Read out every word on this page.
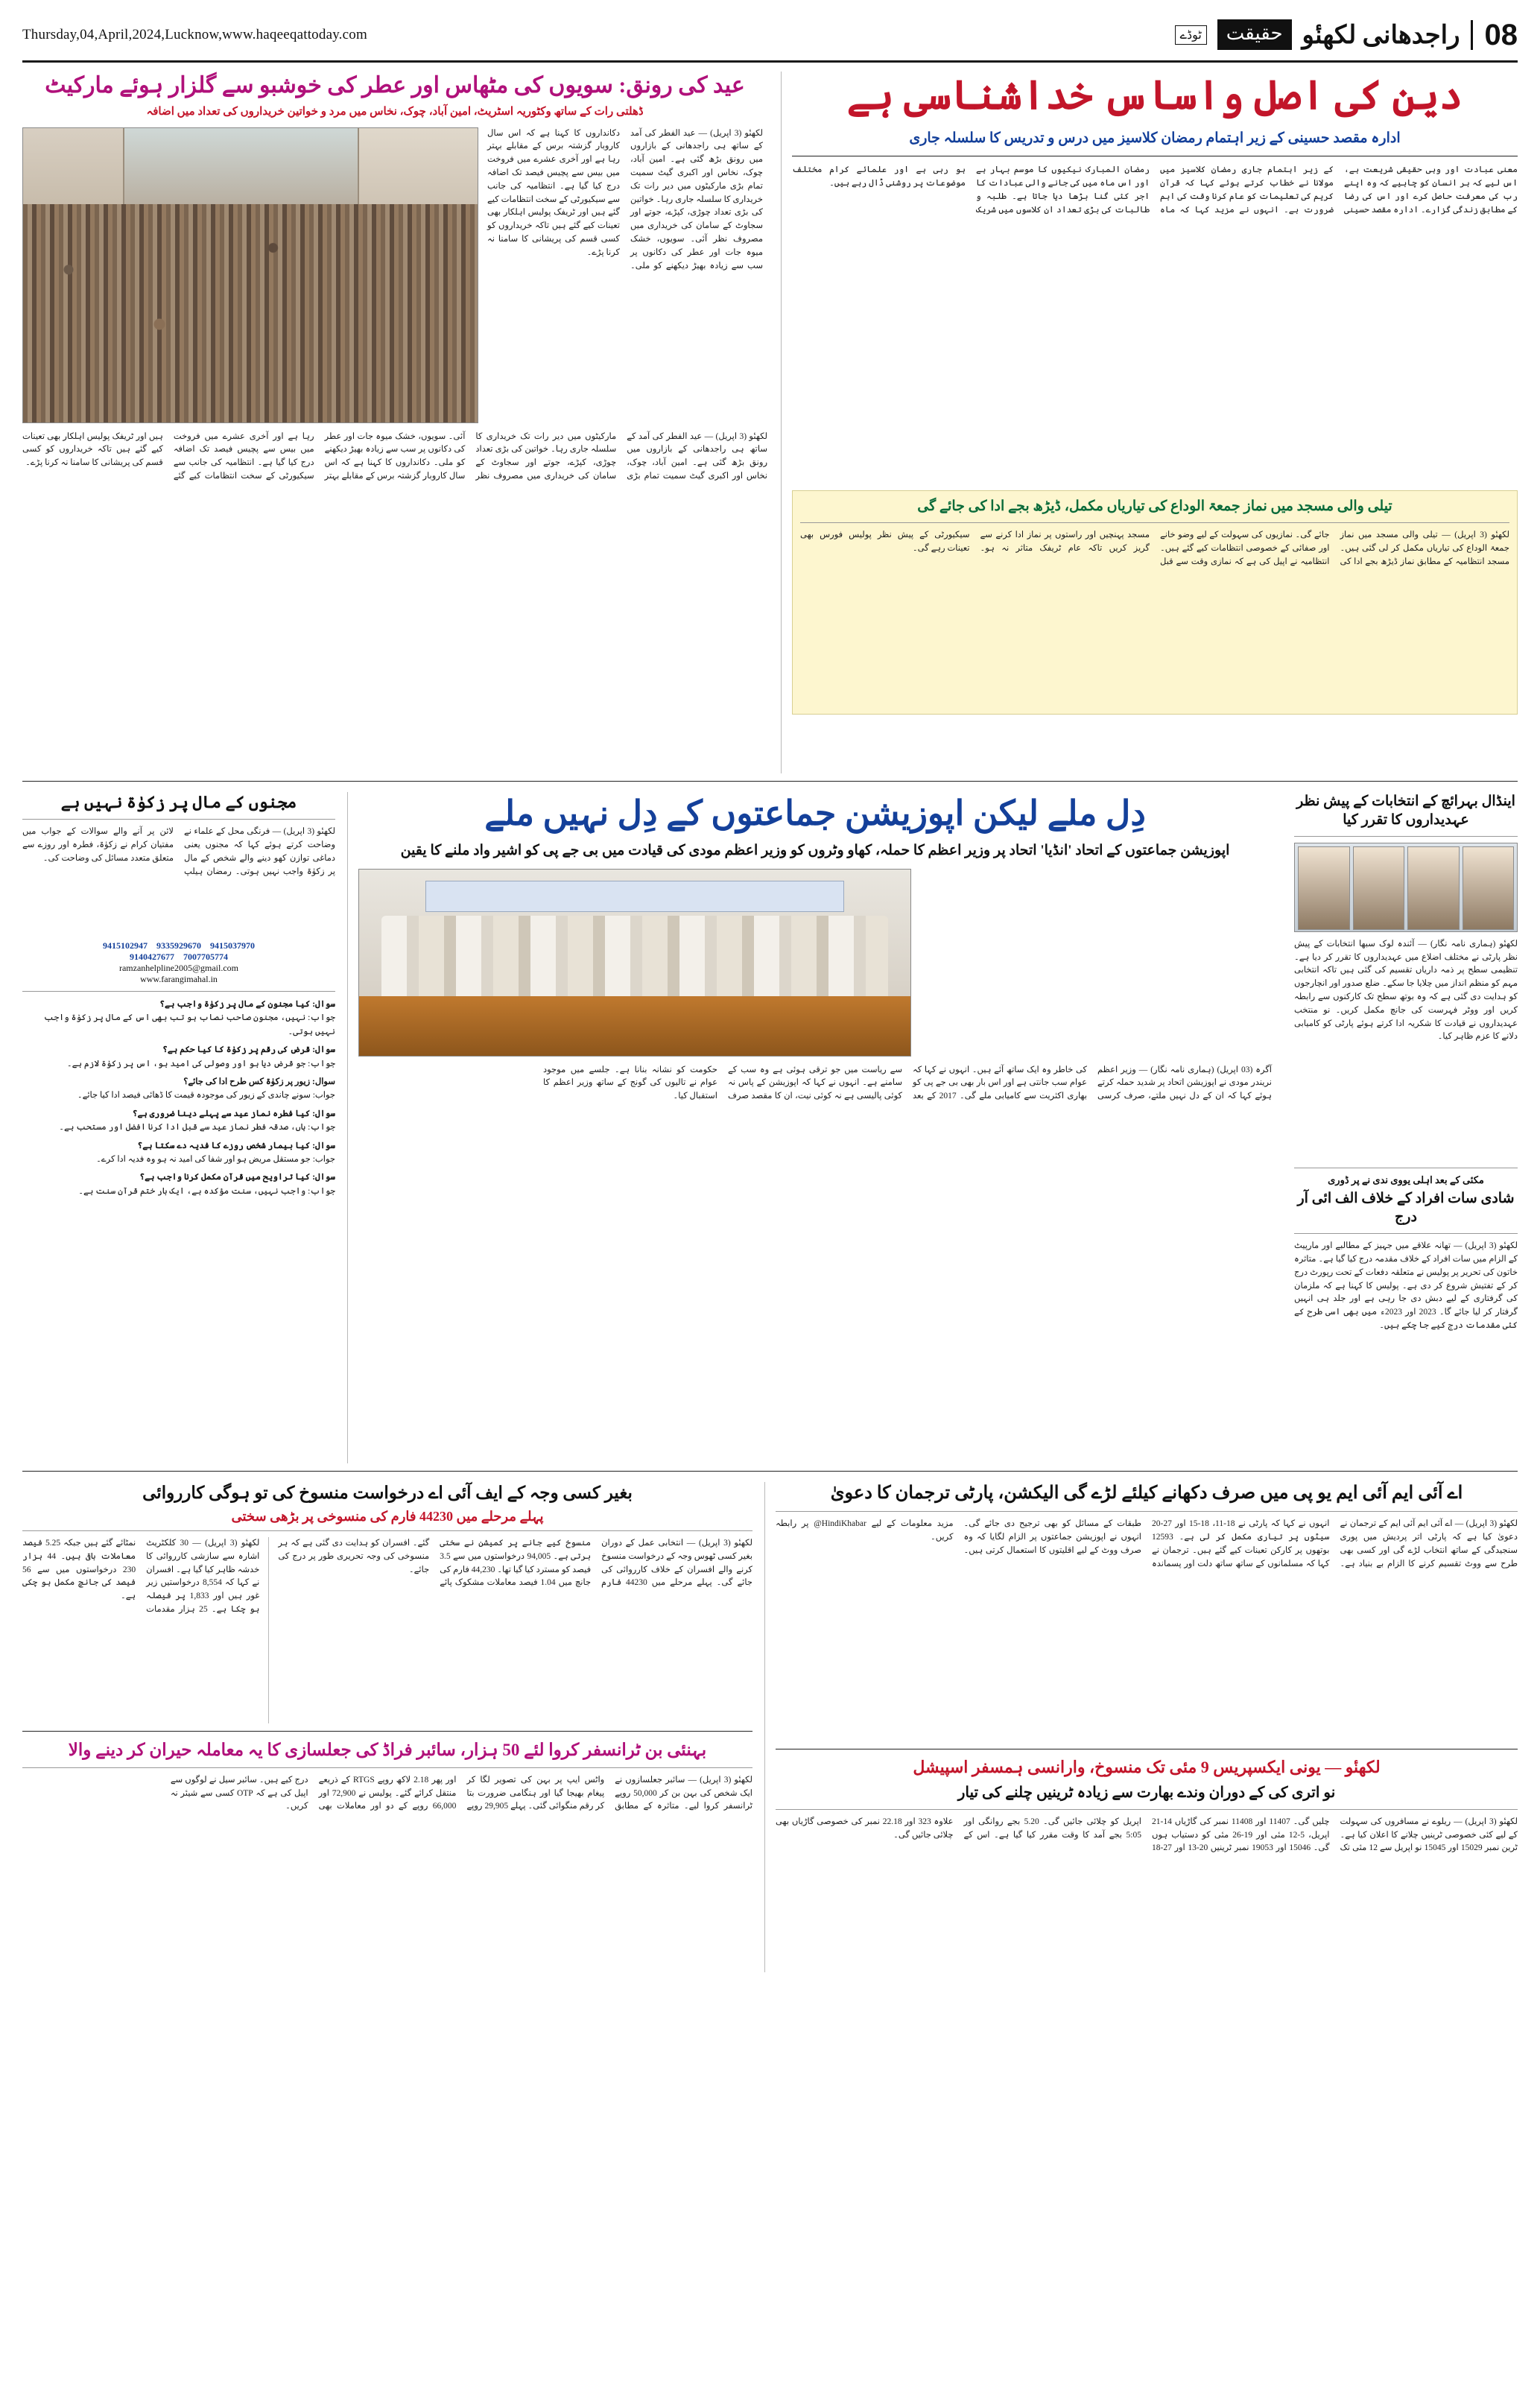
Thursday,04,April,2024,Lucknow,www.haqeeqattoday.com	ٹوڈے	حقیقت راجدھانی لکھنٔو 08
عید کی رونق: سویوں کی مٹھاس اور عطر کی خوشبو سے گلزار ہوئے مارکیٹ
ڈھلتی رات کے ساتھ وکٹوریہ اسٹریٹ، امین آباد، چوک، نخاس میں مرد و خواتین خریداروں کی تعداد میں اضافہ
لکھنٔو (3 اپریل) — عید الفطر کی آمد کے ساتھ ہی راجدھانی کے بازاروں میں رونق بڑھ گئی ہے۔ امین آباد، چوک، نخاس اور اکبری گیٹ سمیت تمام بڑی مارکیٹوں میں دیر رات تک خریداری کا سلسلہ جاری رہا۔ خواتین کی بڑی تعداد چوڑی، کپڑے، جوتے اور سجاوٹ کے سامان کی خریداری میں مصروف نظر آئی۔ سویوں، خشک میوہ جات اور عطر کی دکانوں پر سب سے زیادہ بھیڑ دیکھنے کو ملی۔ دکانداروں کا کہنا ہے کہ اس سال کاروبار گزشتہ برس کے مقابلے بہتر رہا ہے اور آخری عشرے میں فروخت میں بیس سے پچیس فیصد تک اضافہ درج کیا گیا ہے۔ انتظامیہ کی جانب سے سیکیورٹی کے سخت انتظامات کیے گئے ہیں اور ٹریفک پولیس اہلکار بھی تعینات کیے گئے ہیں تاکہ خریداروں کو کسی قسم کی پریشانی کا سامنا نہ کرنا پڑے۔
لکھنٔو (3 اپریل) — عید الفطر کی آمد کے ساتھ ہی راجدھانی کے بازاروں میں رونق بڑھ گئی ہے۔ امین آباد، چوک، نخاس اور اکبری گیٹ سمیت تمام بڑی مارکیٹوں میں دیر رات تک خریداری کا سلسلہ جاری رہا۔ خواتین کی بڑی تعداد چوڑی، کپڑے، جوتے اور سجاوٹ کے سامان کی خریداری میں مصروف نظر آئی۔ سویوں، خشک میوہ جات اور عطر کی دکانوں پر سب سے زیادہ بھیڑ دیکھنے کو ملی۔ دکانداروں کا کہنا ہے کہ اس سال کاروبار گزشتہ برس کے مقابلے بہتر رہا ہے اور آخری عشرے میں فروخت میں بیس سے پچیس فیصد تک اضافہ درج کیا گیا ہے۔ انتظامیہ کی جانب سے سیکیورٹی کے سخت انتظامات کیے گئے ہیں اور ٹریفک پولیس اہلکار بھی تعینات کیے گئے ہیں تاکہ خریداروں کو کسی قسم کی پریشانی کا سامنا نہ کرنا پڑے۔
دین کی اصل واساس خداشناسی ہے
ادارہ مقصد حسینی کے زیر اہتمام رمضان کلاسیز میں درس و تدریس کا سلسلہ جاری
معنی عبادت اور وہی حقیقی شریعت ہے، اس لیے کہ ہر انسان کو چاہیے کہ وہ اپنے رب کی معرفت حاصل کرے اور اس کی رضا کے مطابق زندگی گزارے۔ ادارہ مقصد حسینی کے زیر اہتمام جاری رمضان کلاسیز میں مولانا نے خطاب کرتے ہوئے کہا کہ قرآن کریم کی تعلیمات کو عام کرنا وقت کی اہم ضرورت ہے۔ انہوں نے مزید کہا کہ ماہ رمضان المبارک نیکیوں کا موسم بہار ہے اور اس ماہ میں کی جانے والی عبادات کا اجر کئی گنا بڑھا دیا جاتا ہے۔ طلبہ و طالبات کی بڑی تعداد ان کلاسوں میں شریک ہو رہی ہے اور علمائے کرام مختلف موضوعات پر روشنی ڈال رہے ہیں۔
تیلی والی مسجد میں نماز جمعۃ الوداع کی تیاریاں مکمل، ڈیڑھ بجے ادا کی جائے گی
لکھنٔو (3 اپریل) — تیلی والی مسجد میں نماز جمعۃ الوداع کی تیاریاں مکمل کر لی گئی ہیں۔ مسجد انتظامیہ کے مطابق نماز ڈیڑھ بجے ادا کی جائے گی۔ نمازیوں کی سہولت کے لیے وضو خانے اور صفائی کے خصوصی انتظامات کیے گئے ہیں۔ انتظامیہ نے اپیل کی ہے کہ نمازی وقت سے قبل مسجد پہنچیں اور راستوں پر نماز ادا کرنے سے گریز کریں تاکہ عام ٹریفک متاثر نہ ہو۔ سیکیورٹی کے پیش نظر پولیس فورس بھی تعینات رہے گی۔
مجنوں کے مال پر زکوٰۃ نہیں ہے
لکھنٔو (3 اپریل) — فرنگی محل کے علماء نے وضاحت کرتے ہوئے کہا کہ مجنوں یعنی دماغی توازن کھو دینے والے شخص کے مال پر زکوٰۃ واجب نہیں ہوتی۔ رمضان ہیلپ لائن پر آنے والے سوالات کے جواب میں مفتیان کرام نے زکوٰۃ، فطرہ اور روزے سے متعلق متعدد مسائل کی وضاحت کی۔
9415037970    9335929670    9415102947
7007705774    9140427677
ramzanhelpline2005@gmail.com
www.farangimahal.in
سوال: کیا مجنون کے مال پر زکوٰۃ واجب ہے؟
جواب: نہیں، مجنون صاحب نصاب ہو تب بھی اس کے مال پر زکوٰۃ واجب نہیں ہوتی۔
سوال: قرض کی رقم پر زکوٰۃ کا کیا حکم ہے؟
جواب: جو قرض دیا ہو اور وصولی کی امید ہو، اس پر زکوٰۃ لازم ہے۔
سوال: زیور پر زکوٰۃ کس طرح ادا کی جائے؟
جواب: سونے چاندی کے زیور کی موجودہ قیمت کا ڈھائی فیصد ادا کیا جائے۔
سوال: کیا فطرہ نماز عید سے پہلے دینا ضروری ہے؟
جواب: ہاں، صدقہ فطر نماز عید سے قبل ادا کرنا افضل اور مستحب ہے۔
سوال: کیا بیمار شخص روزے کا فدیہ دے سکتا ہے؟
جواب: جو مستقل مریض ہو اور شفا کی امید نہ ہو وہ فدیہ ادا کرے۔
سوال: کیا تراویح میں قرآن مکمل کرنا واجب ہے؟
جواب: واجب نہیں، سنت مؤکدہ ہے، ایک بار ختم قرآن سنت ہے۔
دِل ملے لیکن اپوزیشن جماعتوں کے دِل نہیں ملے
اپوزیشن جماعتوں کے اتحاد 'انڈیا' اتحاد پر وزیر اعظم کا حملہ، کھاو وٹروں کو وزیر اعظم مودی کی قیادت میں بی جے پی کو اشیر واد ملنے کا یقین
آگرہ (03 اپریل) (ہماری نامہ نگار) — وزیر اعظم نریندر مودی نے اپوزیشن اتحاد پر شدید حملہ کرتے ہوئے کہا کہ ان کے دل نہیں ملتے، صرف کرسی کی خاطر وہ ایک ساتھ آئے ہیں۔ انہوں نے کہا کہ عوام سب جانتی ہے اور اس بار بھی بی جے پی کو بھاری اکثریت سے کامیابی ملے گی۔ 2017 کے بعد سے ریاست میں جو ترقی ہوئی ہے وہ سب کے سامنے ہے۔ انہوں نے کہا کہ اپوزیشن کے پاس نہ کوئی پالیسی ہے نہ کوئی نیت، ان کا مقصد صرف حکومت کو نشانہ بنانا ہے۔ جلسے میں موجود عوام نے تالیوں کی گونج کے ساتھ وزیر اعظم کا استقبال کیا۔
اینڈال بہرائچ کے انتخابات کے پیش نظر عہدیداروں کا تقرر کیا
لکھنٔو (ہماری نامہ نگار) — آئندہ لوک سبھا انتخابات کے پیش نظر پارٹی نے مختلف اضلاع میں عہدیداروں کا تقرر کر دیا ہے۔ تنظیمی سطح پر ذمہ داریاں تقسیم کی گئی ہیں تاکہ انتخابی مہم کو منظم انداز میں چلایا جا سکے۔ ضلع صدور اور انچارجوں کو ہدایت دی گئی ہے کہ وہ بوتھ سطح تک کارکنوں سے رابطہ کریں اور ووٹر فہرست کی جانچ مکمل کریں۔ نو منتخب عہدیداروں نے قیادت کا شکریہ ادا کرتے ہوئے پارٹی کو کامیابی دلانے کا عزم ظاہر کیا۔
مکئی کے بعد اہلی یووی ندی نے پر ڈوری
شادی سات افراد کے خلاف الف ائی آر درج
لکھنٔو (3 اپریل) — تھانہ علاقے میں جہیز کے مطالبے اور مارپیٹ کے الزام میں سات افراد کے خلاف مقدمہ درج کیا گیا ہے۔ متاثرہ خاتون کی تحریر پر پولیس نے متعلقہ دفعات کے تحت رپورٹ درج کر کے تفتیش شروع کر دی ہے۔ پولیس کا کہنا ہے کہ ملزمان کی گرفتاری کے لیے دبش دی جا رہی ہے اور جلد ہی انہیں گرفتار کر لیا جائے گا۔ 2023 اور 2023ء میں بھی اسی طرح کے کئی مقدمات درج کیے جا چکے ہیں۔
بغیر کسی وجہ کے ایف آئی اے درخواست منسوخ کی تو ہوگی کارروائی
پہلے مرحلے میں 44230 فارم کی منسوخی پر بڑھی سختی
لکھنٔو (3 اپریل) — 30 کلکٹریٹ اشارہ سے سازشی کارروائی کا خدشہ ظاہر کیا گیا ہے۔ افسران نے کہا کہ 8,554 درخواستیں زیر غور ہیں اور 1,833 پر فیصلہ ہو چکا ہے۔ 25 ہزار مقدمات نمٹائے گئے ہیں جبکہ 5.25 فیصد معاملات باقی ہیں۔ 44 ہزار 230 درخواستوں میں سے 56 فیصد کی جانچ مکمل ہو چکی ہے۔
لکھنٔو (3 اپریل) — انتخابی عمل کے دوران بغیر کسی ٹھوس وجہ کے درخواست منسوخ کرنے والے افسران کے خلاف کارروائی کی جائے گی۔ پہلے مرحلے میں 44230 فارم منسوخ کیے جانے پر کمیشن نے سختی برتی ہے۔ 94,005 درخواستوں میں سے 3.5 فیصد کو مسترد کیا گیا تھا۔ 44,230 فارم کی جانچ میں 1.04 فیصد معاملات مشکوک پائے گئے۔ افسران کو ہدایت دی گئی ہے کہ ہر منسوخی کی وجہ تحریری طور پر درج کی جائے۔
بہنئی بن ٹرانسفر کروا لئے 50 ہزار، سائبر فراڈ کی جعلسازی کا یہ معاملہ حیران کر دینے والا
لکھنٔو (3 اپریل) — سائبر جعلسازوں نے ایک شخص کی بہن بن کر 50,000 روپے ٹرانسفر کروا لیے۔ متاثرہ کے مطابق واٹس ایپ پر بہن کی تصویر لگا کر پیغام بھیجا گیا اور ہنگامی ضرورت بتا کر رقم منگوائی گئی۔ پہلے 29,905 روپے اور پھر 2.18 لاکھ روپے RTGS کے ذریعے منتقل کرائے گئے۔ پولیس نے 72,900 اور 66,000 روپے کے دو اور معاملات بھی درج کیے ہیں۔ سائبر سیل نے لوگوں سے اپیل کی ہے کہ OTP کسی سے شیئر نہ کریں۔
اے آئی ایم آئی ایم یو پی میں صرف دکھانے کیلئے لڑے گی الیکشن، پارٹی ترجمان کا دعویٰ
لکھنٔو (3 اپریل) — اے آئی ایم آئی ایم کے ترجمان نے دعویٰ کیا ہے کہ پارٹی اتر پردیش میں پوری سنجیدگی کے ساتھ انتخاب لڑے گی اور کسی بھی طرح سے ووٹ تقسیم کرنے کا الزام بے بنیاد ہے۔ انہوں نے کہا کہ پارٹی نے 18-11، 18-15 اور 27-20 سیٹوں پر تیاری مکمل کر لی ہے۔ 12593 بوتھوں پر کارکن تعینات کیے گئے ہیں۔ ترجمان نے کہا کہ مسلمانوں کے ساتھ ساتھ دلت اور پسماندہ طبقات کے مسائل کو بھی ترجیح دی جائے گی۔ انہوں نے اپوزیشن جماعتوں پر الزام لگایا کہ وہ صرف ووٹ کے لیے اقلیتوں کا استعمال کرتی ہیں۔ مزید معلومات کے لیے HindiKhabar@ پر رابطہ کریں۔
لکھنٔو — یونی ایکسپریس 9 مئی تک منسوخ، وارانسی ہمسفر اسپیشل
نو اتری کی کے دوران وندے بھارت سے زیادہ ٹرینیں چلنے کی تیار
لکھنٔو (3 اپریل) — ریلوے نے مسافروں کی سہولت کے لیے کئی خصوصی ٹرینیں چلانے کا اعلان کیا ہے۔ ٹرین نمبر 15029 اور 15045 نو اپریل سے 12 مئی تک چلیں گی۔ 11407 اور 11408 نمبر کی گاڑیاں 14-21 اپریل، 5-12 مئی اور 19-26 مئی کو دستیاب ہوں گی۔ 15046 اور 19053 نمبر ٹرینیں 20-13 اور 27-18 اپریل کو چلائی جائیں گی۔ 5.20 بجے روانگی اور 5:05 بجے آمد کا وقت مقرر کیا گیا ہے۔ اس کے علاوہ 323 اور 22.18 نمبر کی خصوصی گاڑیاں بھی چلائی جائیں گی۔
